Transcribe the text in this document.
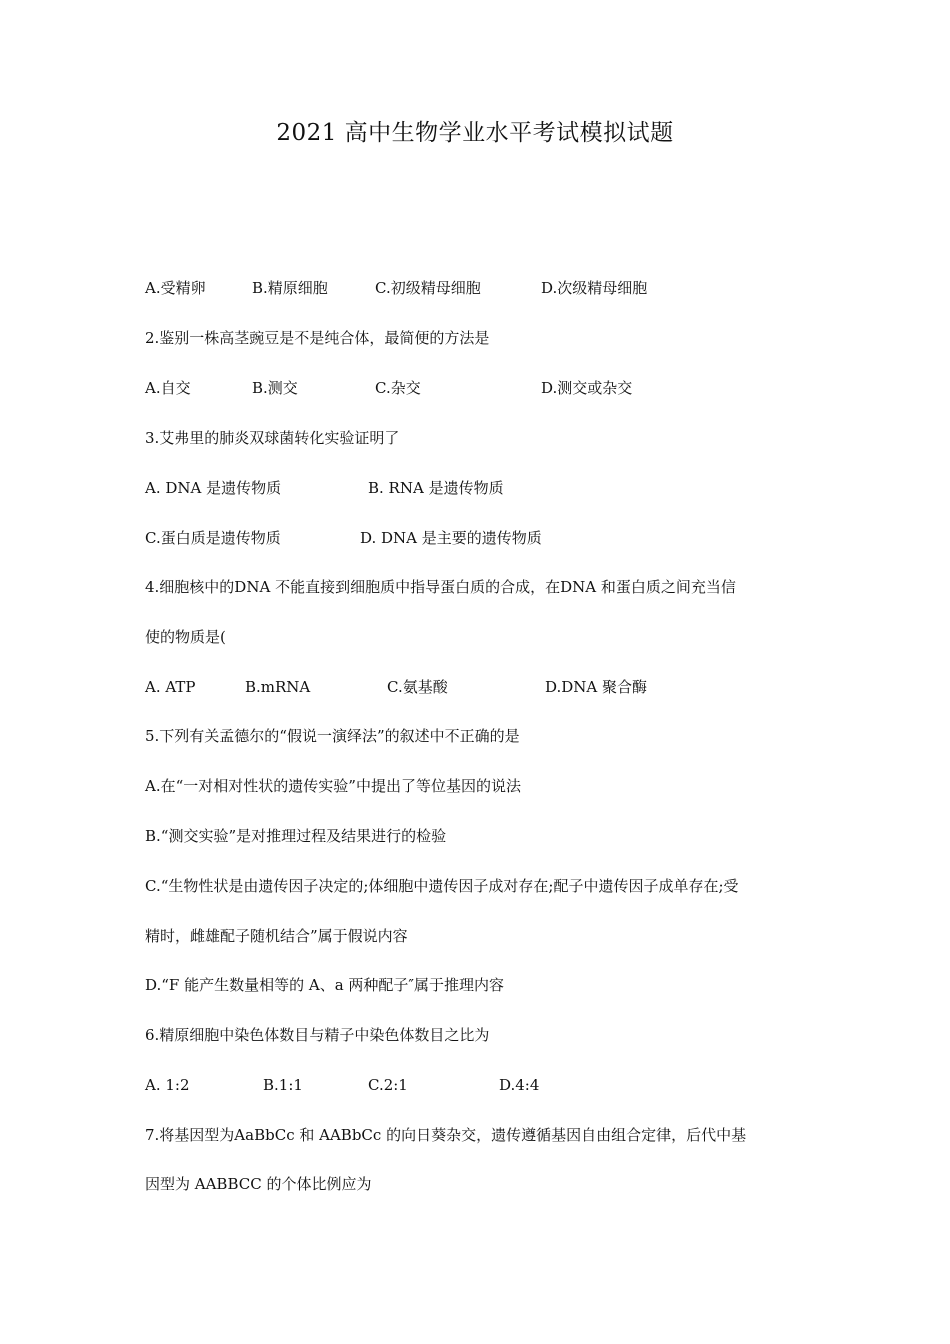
2021 高中生物学业水平考试模拟试题
A.受精卵	B.精原细胞	C.初级精母细胞	D.次级精母细胞
2.鉴别一株高茎豌豆是不是纯合体，最简便的方法是
A.自交	B.测交	C.杂交	D.测交或杂交
3.艾弗里的肺炎双球菌转化实验证明了
A. DNA 是遗传物质	B. RNA 是遗传物质
C.蛋白质是遗传物质	D. DNA 是主要的遗传物质
4.细胞核中的DNA 不能直接到细胞质中指导蛋白质的合成，在DNA 和蛋白质之间充当信
使的物质是(
A. ATP	B.mRNA	C.氨基酸	D.DNA 聚合酶
5.下列有关孟德尔的“假说一演绎法”的叙述中不正确的是
A.在“一对相对性状的遗传实验”中提出了等位基因的说法
B.“测交实验”是对推理过程及结果进行的检验
C.“生物性状是由遗传因子决定的;体细胞中遗传因子成对存在;配子中遗传因子成单存在;受
精时，雌雄配子随机结合”属于假说内容
D.“F 能产生数量相等的 A、a 两种配子″属于推理内容
6.精原细胞中染色体数目与精子中染色体数目之比为
A. 1:2	B.1:1	C.2:1	D.4:4
7.将基因型为AaBbCc 和 AABbCc 的向日葵杂交，遗传遵循基因自由组合定律，后代中基
因型为 AABBCC 的个体比例应为
